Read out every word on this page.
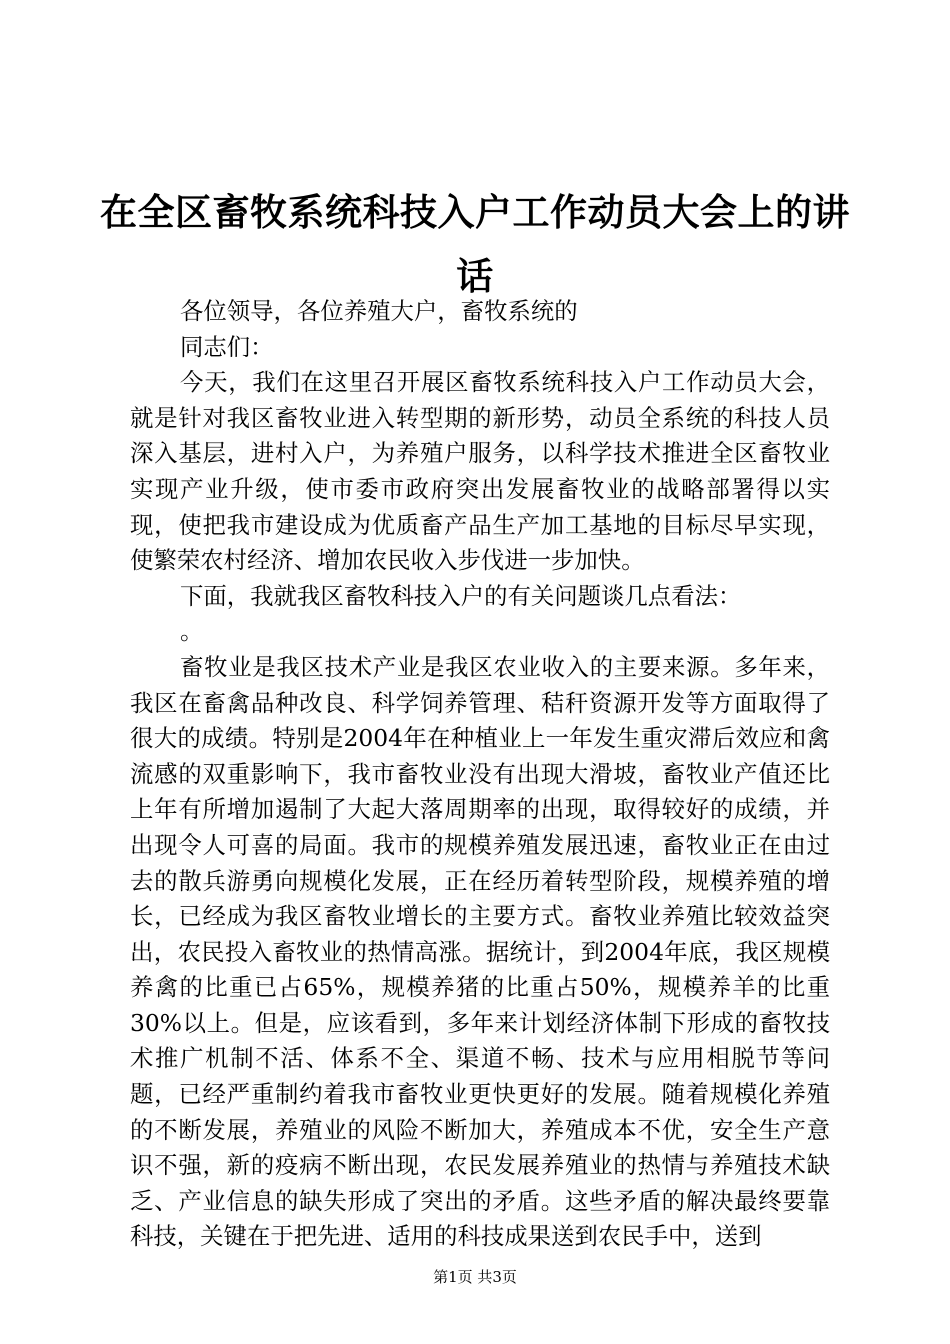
在全区畜牧系统科技入户工作动员大会上的讲话

各位领导，各位养殖大户，畜牧系统的

同志们：

今天，我们在这里召开展区畜牧系统科技入户工作动员大会，就是针对我区畜牧业进入转型期的新形势，动员全系统的科技人员深入基层，进村入户，为养殖户服务，以科学技术推进全区畜牧业实现产业升级，使市委市政府突出发展畜牧业的战略部署得以实现，使把我市建设成为优质畜产品生产加工基地的目标尽早实现，使繁荣农村经济、增加农民收入步伐进一步加快。

下面，我就我区畜牧科技入户的有关问题谈几点看法：

。

畜牧业是我区技术产业是我区农业收入的主要来源。多年来，我区在畜禽品种改良、科学饲养管理、秸秆资源开发等方面取得了很大的成绩。特别是2004年在种植业上一年发生重灾滞后效应和禽流感的双重影响下，我市畜牧业没有出现大滑坡，畜牧业产值还比上年有所增加遏制了大起大落周期率的出现，取得较好的成绩，并出现令人可喜的局面。我市的规模养殖发展迅速，畜牧业正在由过去的散兵游勇向规模化发展，正在经历着转型阶段，规模养殖的增长，已经成为我区畜牧业增长的主要方式。畜牧业养殖比较效益突出，农民投入畜牧业的热情高涨。据统计，到2004年底，我区规模养禽的比重已占65%，规模养猪的比重占50%，规模养羊的比重30%以上。但是，应该看到，多年来计划经济体制下形成的畜牧技术推广机制不活、体系不全、渠道不畅、技术与应用相脱节等问题，已经严重制约着我市畜牧业更快更好的发展。随着规模化养殖的不断发展，养殖业的风险不断加大，养殖成本不优，安全生产意识不强，新的疫病不断出现，农民发展养殖业的热情与养殖技术缺乏、产业信息的缺失形成了突出的矛盾。这些矛盾的解决最终要靠科技，关键在于把先进、适用的科技成果送到农民手中，送到

第1页 共3页
